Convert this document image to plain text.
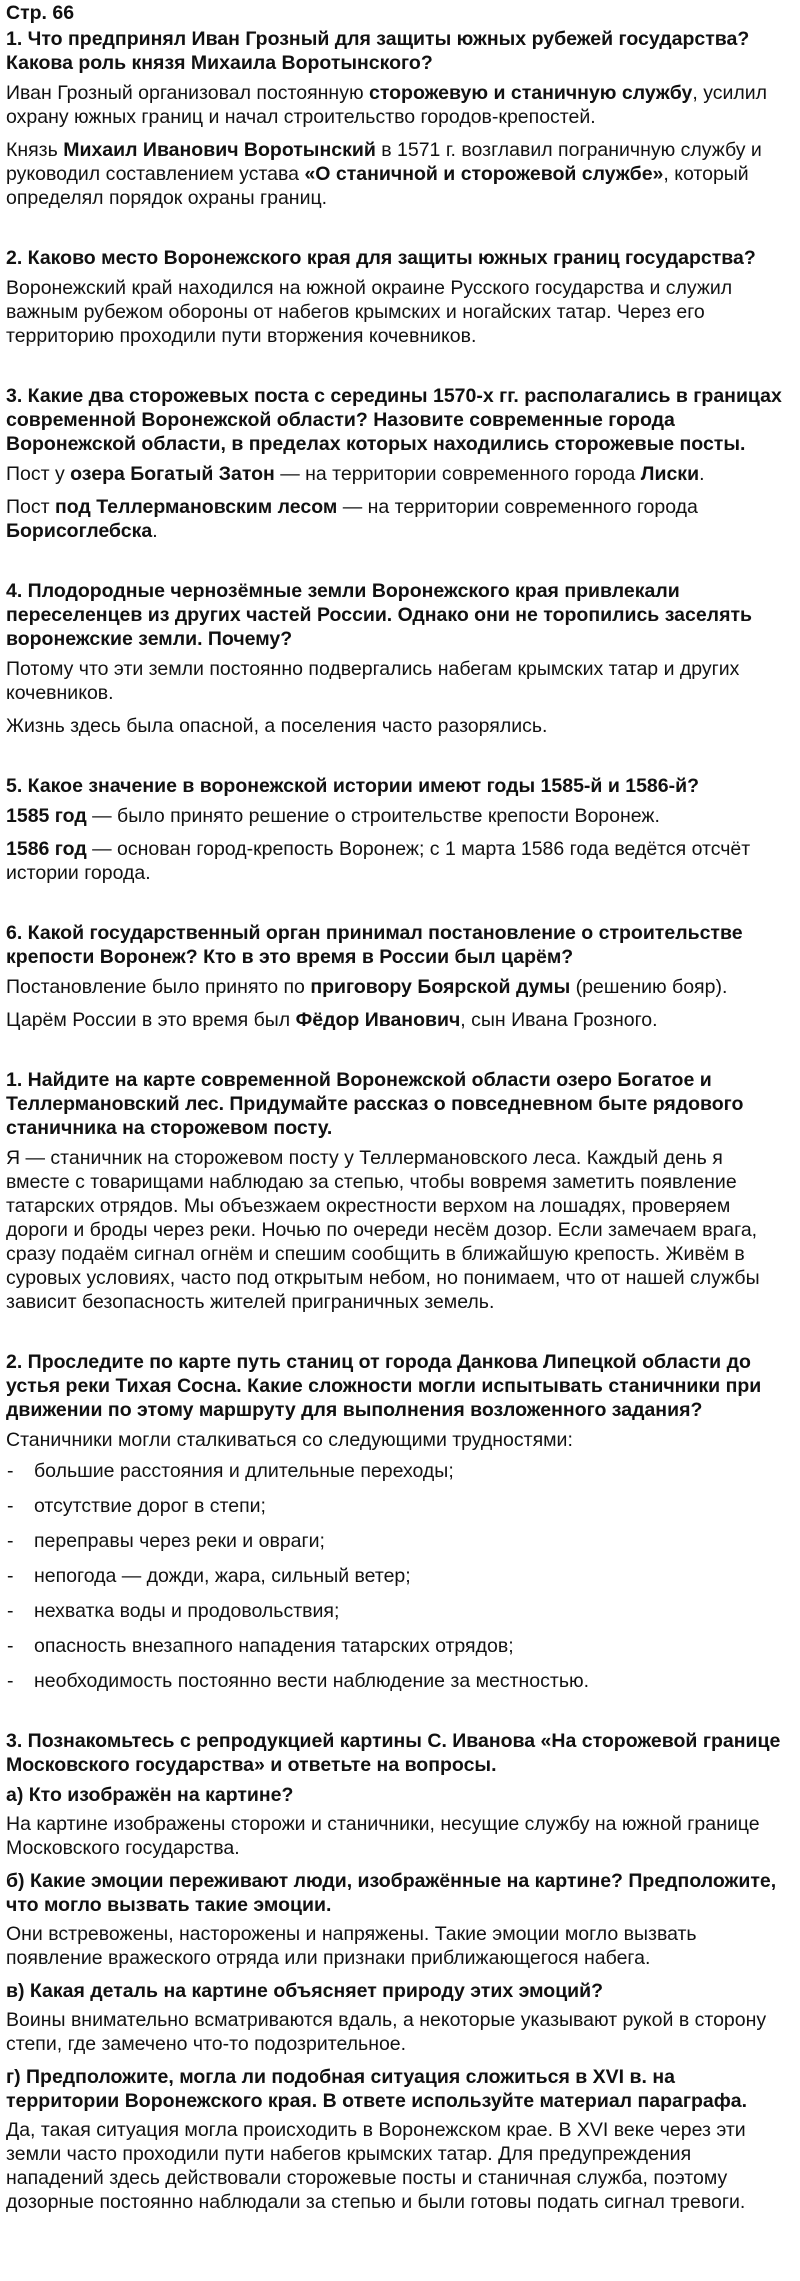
Стр. 66
1. Что предпринял Иван Грозный для защиты южных рубежей государства? Какова роль князя Михаила Воротынского?
Иван Грозный организовал постоянную сторожевую и станичную службу, усилил охрану южных границ и начал строительство городов-крепостей.
Князь Михаил Иванович Воротынский в 1571 г. возглавил пограничную службу и руководил составлением устава «О станичной и сторожевой службе», который определял порядок охраны границ.
2. Каково место Воронежского края для защиты южных границ государства?
Воронежский край находился на южной окраине Русского государства и служил важным рубежом обороны от набегов крымских и ногайских татар. Через его территорию проходили пути вторжения кочевников.
3. Какие два сторожевых поста с середины 1570-х гг. располагались в границах современной Воронежской области? Назовите современные города Воронежской области, в пределах которых находились сторожевые посты.
Пост у озера Богатый Затон — на территории современного города Лиски.
Пост под Теллермановским лесом — на территории современного города Борисоглебска.
4. Плодородные чернозёмные земли Воронежского края привлекали переселенцев из других частей России. Однако они не торопились заселять воронежские земли. Почему?
Потому что эти земли постоянно подвергались набегам крымских татар и других кочевников.
Жизнь здесь была опасной, а поселения часто разорялись.
5. Какое значение в воронежской истории имеют годы 1585-й и 1586-й?
1585 год — было принято решение о строительстве крепости Воронеж.
1586 год — основан город-крепость Воронеж; с 1 марта 1586 года ведётся отсчёт истории города.
6. Какой государственный орган принимал постановление о строительстве крепости Воронеж? Кто в это время в России был царём?
Постановление было принято по приговору Боярской думы (решению бояр).
Царём России в это время был Фёдор Иванович, сын Ивана Грозного.
1. Найдите на карте современной Воронежской области озеро Богатое и Теллермановский лес. Придумайте рассказ о повседневном быте рядового станичника на сторожевом посту.
Я — станичник на сторожевом посту у Теллермановского леса. Каждый день я вместе с товарищами наблюдаю за степью, чтобы вовремя заметить появление татарских отрядов. Мы объезжаем окрестности верхом на лошадях, проверяем дороги и броды через реки. Ночью по очереди несём дозор. Если замечаем врага, сразу подаём сигнал огнём и спешим сообщить в ближайшую крепость. Живём в суровых условиях, часто под открытым небом, но понимаем, что от нашей службы зависит безопасность жителей приграничных земель.
2. Проследите по карте путь станиц от города Данкова Липецкой области до устья реки Тихая Сосна. Какие сложности могли испытывать станичники при движении по этому маршруту для выполнения возложенного задания?
Станичники могли сталкиваться со следующими трудностями:
- большие расстояния и длительные переходы;
- отсутствие дорог в степи;
- переправы через реки и овраги;
- непогода — дожди, жара, сильный ветер;
- нехватка воды и продовольствия;
- опасность внезапного нападения татарских отрядов;
- необходимость постоянно вести наблюдение за местностью.
3. Познакомьтесь с репродукцией картины С. Иванова «На сторожевой границе Московского государства» и ответьте на вопросы.
а) Кто изображён на картине?
На картине изображены сторожи и станичники, несущие службу на южной границе Московского государства.
б) Какие эмоции переживают люди, изображённые на картине? Предположите, что могло вызвать такие эмоции.
Они встревожены, насторожены и напряжены. Такие эмоции могло вызвать появление вражеского отряда или признаки приближающегося набега.
в) Какая деталь на картине объясняет природу этих эмоций?
Воины внимательно всматриваются вдаль, а некоторые указывают рукой в сторону степи, где замечено что-то подозрительное.
г) Предположите, могла ли подобная ситуация сложиться в XVI в. на территории Воронежского края. В ответе используйте материал параграфа.
Да, такая ситуация могла происходить в Воронежском крае. В XVI веке через эти земли часто проходили пути набегов крымских татар. Для предупреждения нападений здесь действовали сторожевые посты и станичная служба, поэтому дозорные постоянно наблюдали за степью и были готовы подать сигнал тревоги.
